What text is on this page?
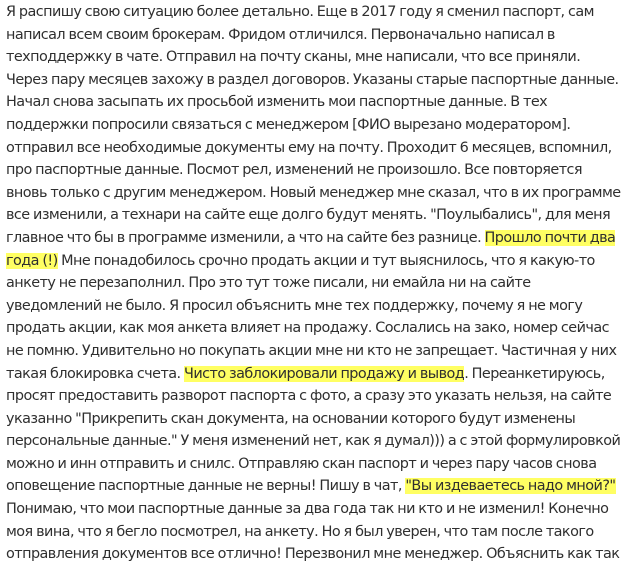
Я распишу свою ситуацию более детально. Еще в 2017 году я сменил паспорт, сам
написал всем своим брокерам. Фридом отличился. Первоначально написал в
техподдержку в чате. Отправил на почту сканы, мне написали, что все приняли.
Через пару месяцев захожу в раздел договоров. Указаны старые паспортные данные.
Начал снова засыпать их просьбой изменить мои паспортные данные. В тех
поддержки попросили связаться с менеджером [ФИО вырезано модератором].
отправил все необходимые документы ему на почту. Проходит 6 месяцев, вспомнил,
про паспортные данные. Посмот рел, изменений не произошло. Все повторяется
вновь только с другим менеджером. Новый менеджер мне сказал, что в их программе
все изменили, а технари на сайте еще долго будут менять. "Поулыбались", для меня
главное что бы в программе изменили, а что на сайте без разнице. Прошло почти два
года (!) Мне понадобилось срочно продать акции и тут выяснилось, что я какую-то
анкету не перезаполнил. Про это тут тоже писали, ни емайла ни на сайте
уведомлений не было. Я просил объяснить мне тех поддержку, почему я не могу
продать акции, как моя анкета влияет на продажу. Сослались на зако, номер сейчас
не помню. Удивительно но покупать акции мне ни кто не запрещает. Частичная у них
такая блокировка счета. Чисто заблокировали продажу и вывод. Переанкетируюсь,
просят предоставить разворот паспорта с фото, а сразу это указать нельзя, на сайте
указанно "Прикрепить скан документа, на основании которого будут изменены
персональные данные." У меня изменений нет, как я думал))) а с этой формулировкой
можно и инн отправить и снилс. Отправляю скан паспорт и через пару часов снова
оповещение паспортные данные не верны! Пишу в чат, "Вы издеваетесь надо мной?"
Понимаю, что мои паспортные данные за два года так ни кто и не изменил! Конечно
моя вина, что я бегло посмотрел, на анкету. Но я был уверен, что там после такого
отправления документов все отлично! Перезвонил мне менеджер. Объяснить как так
